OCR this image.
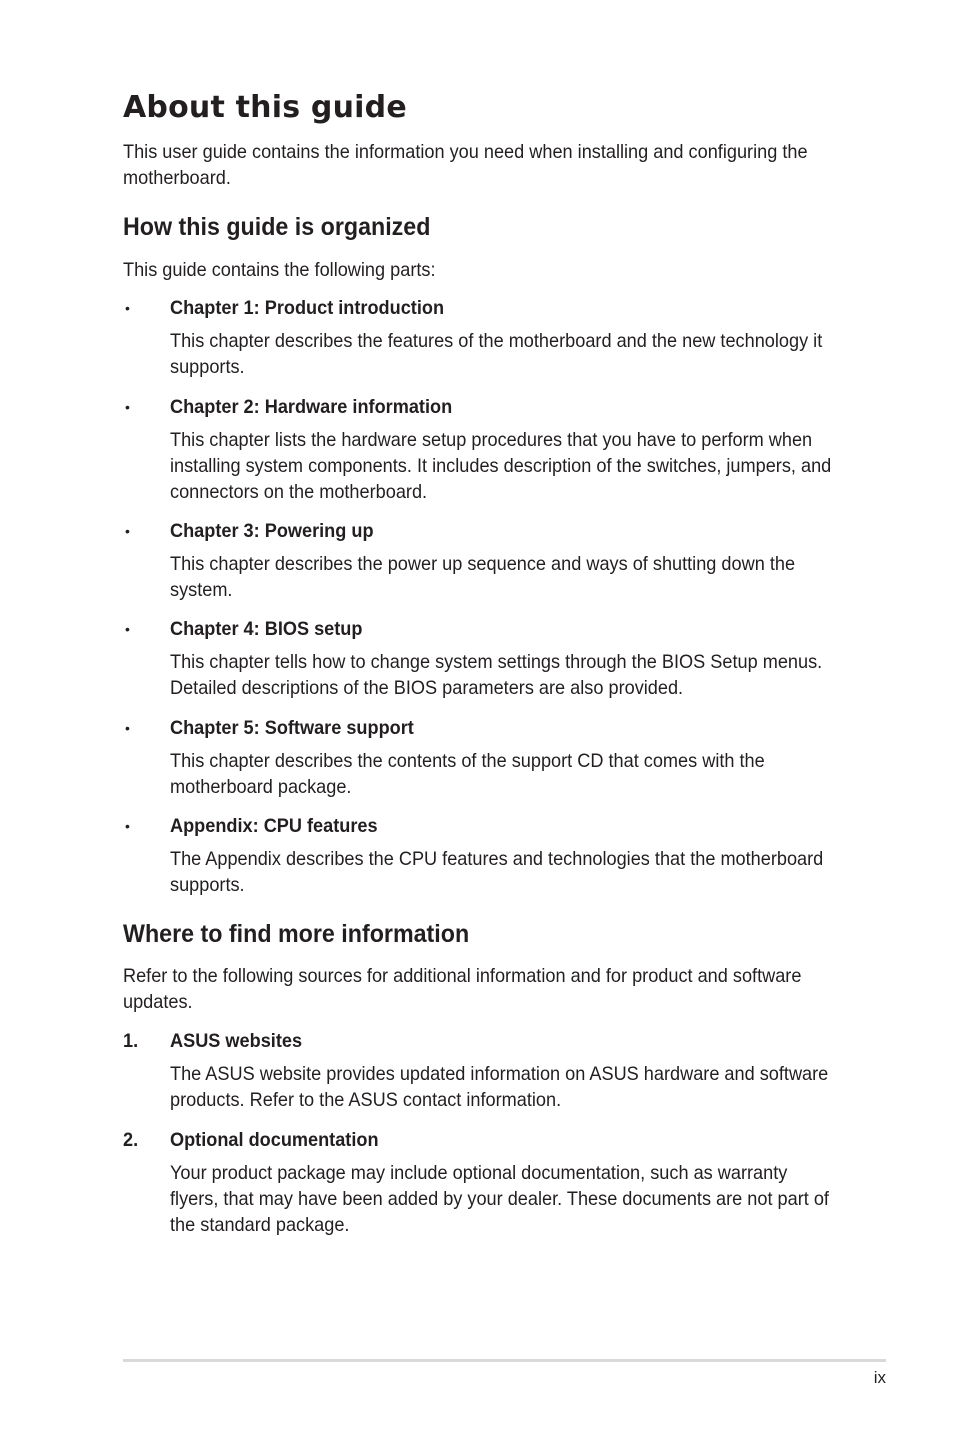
About this guide

This user guide contains the information you need when installing and configuring the motherboard.

How this guide is organized

This guide contains the following parts:

• Chapter 1: Product introduction

This chapter describes the features of the motherboard and the new technology it supports.

• Chapter 2: Hardware information

This chapter lists the hardware setup procedures that you have to perform when installing system components. It includes description of the switches, jumpers, and connectors on the motherboard.

• Chapter 3: Powering up

This chapter describes the power up sequence and ways of shutting down the system.

• Chapter 4: BIOS setup

This chapter tells how to change system settings through the BIOS Setup menus. Detailed descriptions of the BIOS parameters are also provided.

• Chapter 5: Software support

This chapter describes the contents of the support CD that comes with the motherboard package.

• Appendix: CPU features

The Appendix describes the CPU features and technologies that the motherboard supports.

Where to find more information

Refer to the following sources for additional information and for product and software updates.

1. ASUS websites

The ASUS website provides updated information on ASUS hardware and software products. Refer to the ASUS contact information.

2. Optional documentation

Your product package may include optional documentation, such as warranty flyers, that may have been added by your dealer. These documents are not part of the standard package.

ix
